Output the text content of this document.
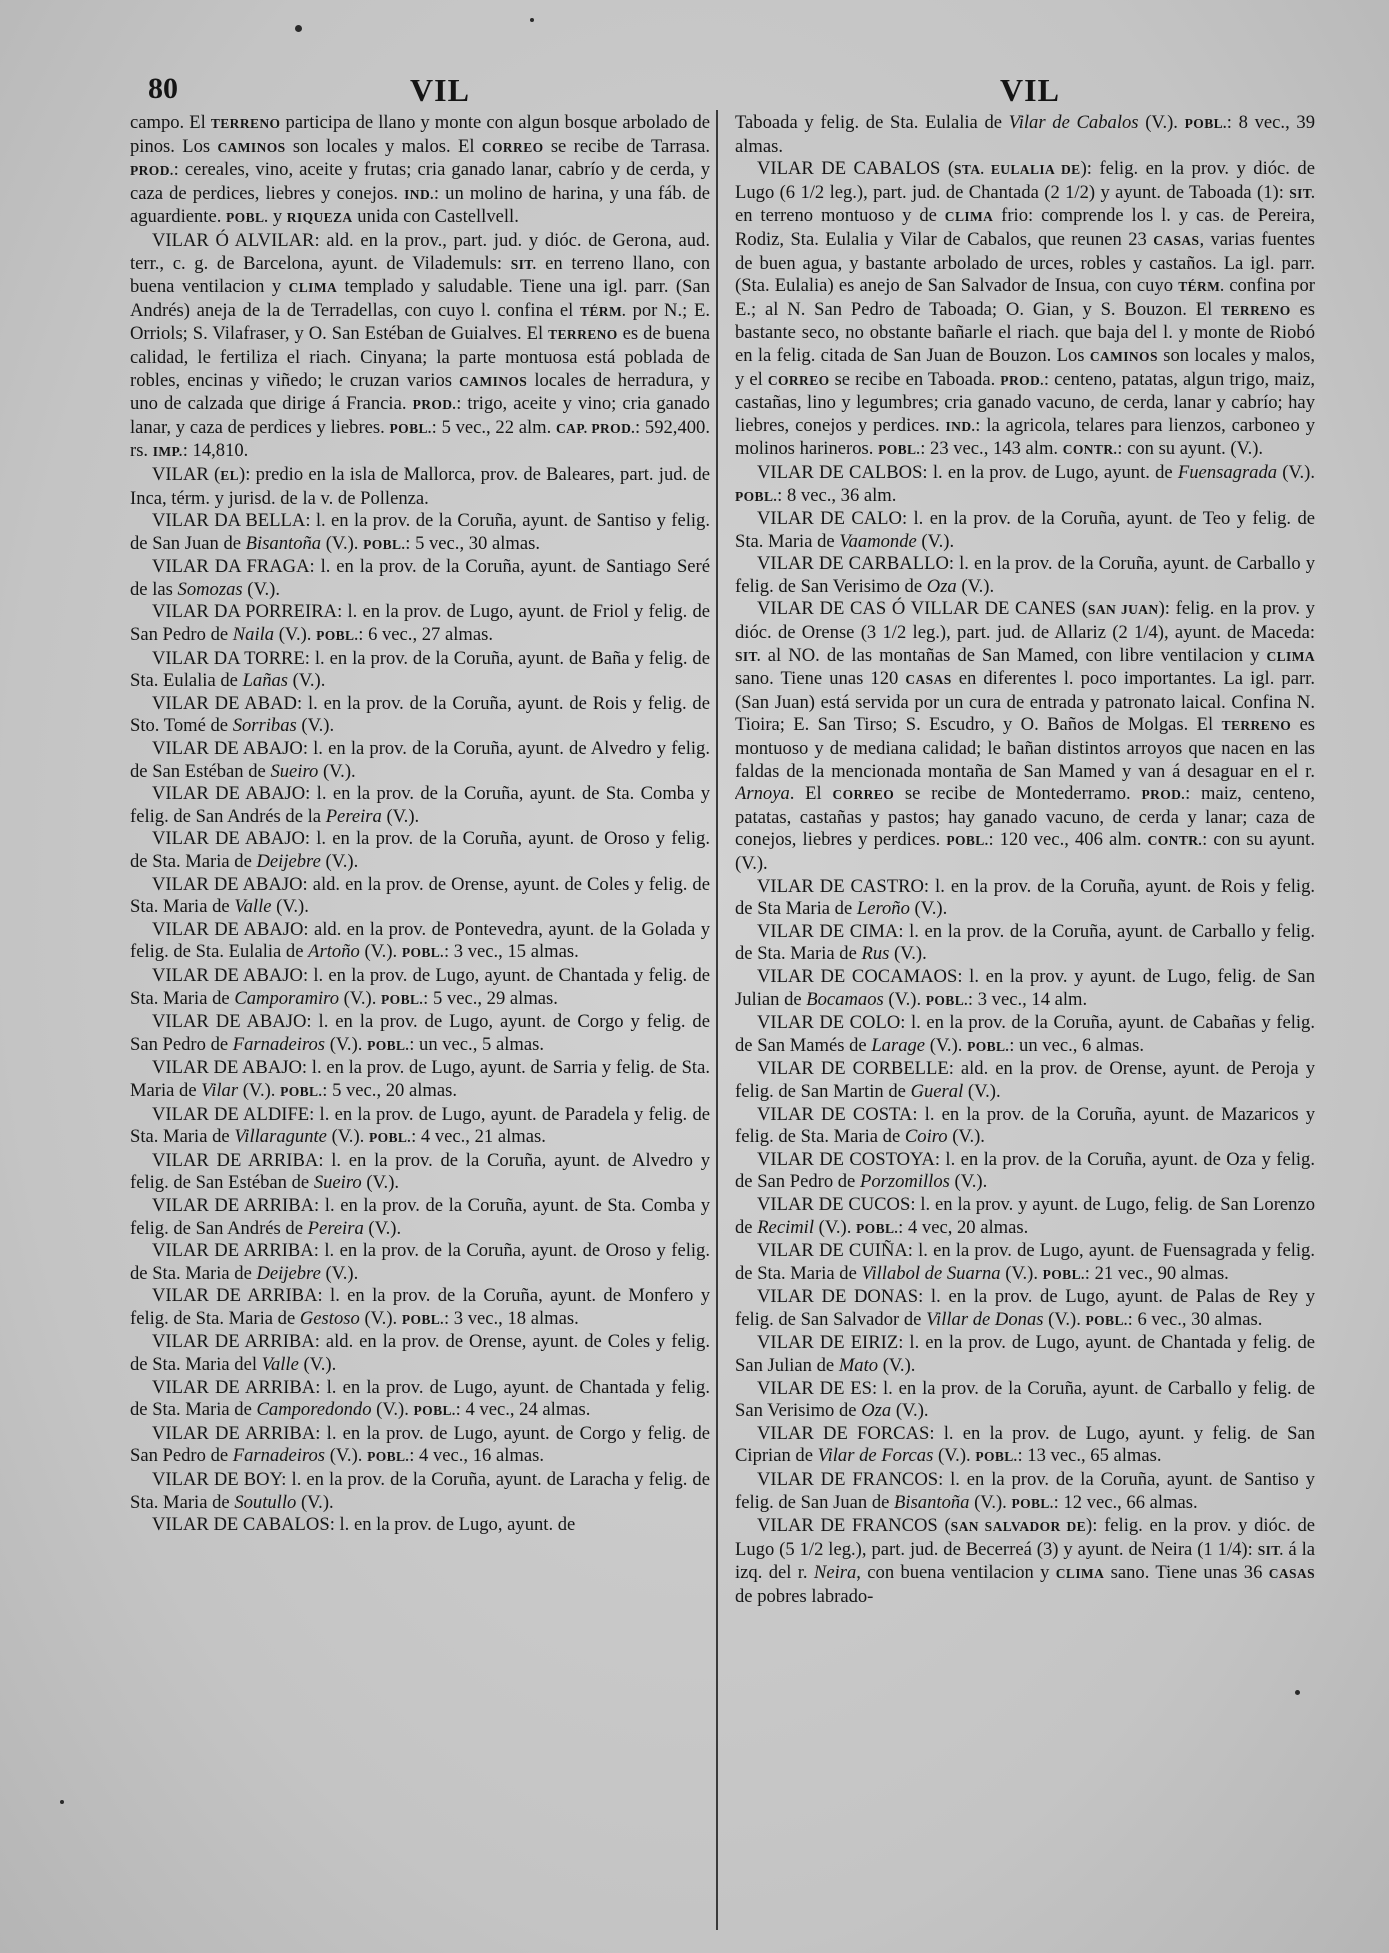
80	VIL	VIL

campo. El TERRENO participa de llano y monte con algun bosque arbolado de pinos. Los CAMINOS son locales y malos. El CORREO se recibe de Tarrasa. PROD.: cereales, vino, aceite y frutas; cria ganado lanar, cabrío y de cerda, y caza de perdices, liebres y conejos. IND.: un molino de harina, y una fáb. de aguardiente. POBL. y RIQUEZA unida con Castellvell.

VILAR Ó ALVILAR: ald. en la prov., part. jud. y dióc. de Gerona, aud. terr., c. g. de Barcelona, ayunt. de Vilademuls: SIT. en terreno llano, con buena ventilacion y CLIMA templado y saludable. Tiene una igl. parr. (San Andrés) aneja de la de Terradellas, con cuyo l. confina el TÉRM. por N.; E. Orriols; S. Vilafraser, y O. San Estéban de Guialves. El TERRENO es de buena calidad, le fertiliza el riach. Cinyana; la parte montuosa está poblada de robles, encinas y viñedo; le cruzan varios CAMINOS locales de herradura, y uno de calzada que dirige á Francia. PROD.: trigo, aceite y vino; cria ganado lanar, y caza de perdices y liebres. POBL.: 5 vec., 22 alm. CAP. PROD.: 592,400. rs. IMP.: 14,810.

VILAR (EL): predio en la isla de Mallorca, prov. de Baleares, part. jud. de Inca, térm. y jurisd. de la v. de Pollenza.

VILAR DA BELLA: l. en la prov. de la Coruña, ayunt. de Santiso y felig. de San Juan de Bisantoña (V.). POBL.: 5 vec., 30 almas.

VILAR DA FRAGA: l. en la prov. de la Coruña, ayunt. de Santiago Seré de las Somozas (V.).

VILAR DA PORREIRA: l. en la prov. de Lugo, ayunt. de Friol y felig. de San Pedro de Naila (V.). POBL.: 6 vec., 27 almas.

VILAR DA TORRE: l. en la prov. de la Coruña, ayunt. de Baña y felig. de Sta. Eulalia de Lañas (V.).

VILAR DE ABAD: l. en la prov. de la Coruña, ayunt. de Rois y felig. de Sto. Tomé de Sorribas (V.).

VILAR DE ABAJO: l. en la prov. de la Coruña, ayunt. de Alvedro y felig. de San Estéban de Sueiro (V.).

VILAR DE ABAJO: l. en la prov. de la Coruña, ayunt. de Sta. Comba y felig. de San Andrés de la Pereira (V.).

VILAR DE ABAJO: l. en la prov. de la Coruña, ayunt. de Oroso y felig. de Sta. Maria de Deijebre (V.).

VILAR DE ABAJO: ald. en la prov. de Orense, ayunt. de Coles y felig. de Sta. Maria de Valle (V.).

VILAR DE ABAJO: ald. en la prov. de Pontevedra, ayunt. de la Golada y felig. de Sta. Eulalia de Artoño (V.). POBL.: 3 vec., 15 almas.

VILAR DE ABAJO: l. en la prov. de Lugo, ayunt. de Chantada y felig. de Sta. Maria de Camporamiro (V.). POBL.: 5 vec., 29 almas.

VILAR DE ABAJO: l. en la prov. de Lugo, ayunt. de Corgo y felig. de San Pedro de Farnadeiros (V.). POBL.: un vec., 5 almas.

VILAR DE ABAJO: l. en la prov. de Lugo, ayunt. de Sarria y felig. de Sta. Maria de Vilar (V.). POBL.: 5 vec., 20 almas.

VILAR DE ALDIFE: l. en la prov. de Lugo, ayunt. de Paradela y felig. de Sta. Maria de Villaragunte (V.). POBL.: 4 vec., 21 almas.

VILAR DE ARRIBA: l. en la prov. de la Coruña, ayunt. de Alvedro y felig. de San Estéban de Sueiro (V.).

VILAR DE ARRIBA: l. en la prov. de la Coruña, ayunt. de Sta. Comba y felig. de San Andrés de Pereira (V.).

VILAR DE ARRIBA: l. en la prov. de la Coruña, ayunt. de Oroso y felig. de Sta. Maria de Deijebre (V.).

VILAR DE ARRIBA: l. en la prov. de la Coruña, ayunt. de Monfero y felig. de Sta. Maria de Gestoso (V.). POBL.: 3 vec., 18 almas.

VILAR DE ARRIBA: ald. en la prov. de Orense, ayunt. de Coles y felig. de Sta. Maria del Valle (V.).

VILAR DE ARRIBA: l. en la prov. de Lugo, ayunt. de Chantada y felig. de Sta. Maria de Camporedondo (V.). POBL.: 4 vec., 24 almas.

VILAR DE ARRIBA: l. en la prov. de Lugo, ayunt. de Corgo y felig. de San Pedro de Farnadeiros (V.). POBL.: 4 vec., 16 almas.

VILAR DE BOY: l. en la prov. de la Coruña, ayunt. de Laracha y felig. de Sta. Maria de Soutullo (V.).

VILAR DE CABALOS: l. en la prov. de Lugo, ayunt. de

Taboada y felig. de Sta. Eulalia de Vilar de Cabalos (V.). POBL.: 8 vec., 39 almas.

VILAR DE CABALOS (STA. EULALIA DE): felig. en la prov. y dióc. de Lugo (6 1/2 leg.), part. jud. de Chantada (2 1/2) y ayunt. de Taboada (1): SIT. en terreno montuoso y de CLIMA frio: comprende los l. y cas. de Pereira, Rodiz, Sta. Eulalia y Vilar de Cabalos, que reunen 23 CASAS, varias fuentes de buen agua, y bastante arbolado de urces, robles y castaños. La igl. parr. (Sta. Eulalia) es anejo de San Salvador de Insua, con cuyo TÉRM. confina por E.; al N. San Pedro de Taboada; O. Gian, y S. Bouzon. El TERRENO es bastante seco, no obstante bañarle el riach. que baja del l. y monte de Riobó en la felig. citada de San Juan de Bouzon. Los CAMINOS son locales y malos, y el CORREO se recibe en Taboada. PROD.: centeno, patatas, algun trigo, maiz, castañas, lino y legumbres; cria ganado vacuno, de cerda, lanar y cabrío; hay liebres, conejos y perdices. IND.: la agricola, telares para lienzos, carboneo y molinos harineros. POBL.: 23 vec., 143 alm. CONTR.: con su ayunt. (V.).

VILAR DE CALBOS: l. en la prov. de Lugo, ayunt. de Fuensagrada (V.). POBL.: 8 vec., 36 alm.

VILAR DE CALO: l. en la prov. de la Coruña, ayunt. de Teo y felig. de Sta. Maria de Vaamonde (V.).

VILAR DE CARBALLO: l. en la prov. de la Coruña, ayunt. de Carballo y felig. de San Verisimo de Oza (V.).

VILAR DE CAS Ó VILLAR DE CANES (SAN JUAN): felig. en la prov. y dióc. de Orense (3 1/2 leg.), part. jud. de Allariz (2 1/4), ayunt. de Maceda: SIT. al NO. de las montañas de San Mamed, con libre ventilacion y CLIMA sano. Tiene unas 120 CASAS en diferentes l. poco importantes. La igl. parr. (San Juan) está servida por un cura de entrada y patronato laical. Confina N. Tioira; E. San Tirso; S. Escudro, y O. Baños de Molgas. El TERRENO es montuoso y de mediana calidad; le bañan distintos arroyos que nacen en las faldas de la mencionada montaña de San Mamed y van á desaguar en el r. Arnoya. El CORREO se recibe de Montederramo. PROD.: maiz, centeno, patatas, castañas y pastos; hay ganado vacuno, de cerda y lanar; caza de conejos, liebres y perdices. POBL.: 120 vec., 406 alm. CONTR.: con su ayunt. (V.).

VILAR DE CASTRO: l. en la prov. de la Coruña, ayunt. de Rois y felig. de Sta Maria de Leroño (V.).

VILAR DE CIMA: l. en la prov. de la Coruña, ayunt. de Carballo y felig. de Sta. Maria de Rus (V.).

VILAR DE COCAMAOS: l. en la prov. y ayunt. de Lugo, felig. de San Julian de Bocamaos (V.). POBL.: 3 vec., 14 alm.

VILAR DE COLO: l. en la prov. de la Coruña, ayunt. de Cabañas y felig. de San Mamés de Larage (V.). POBL.: un vec., 6 almas.

VILAR DE CORBELLE: ald. en la prov. de Orense, ayunt. de Peroja y felig. de San Martin de Gueral (V.).

VILAR DE COSTA: l. en la prov. de la Coruña, ayunt. de Mazaricos y felig. de Sta. Maria de Coiro (V.).

VILAR DE COSTOYA: l. en la prov. de la Coruña, ayunt. de Oza y felig. de San Pedro de Porzomillos (V.).

VILAR DE CUCOS: l. en la prov. y ayunt. de Lugo, felig. de San Lorenzo de Recimil (V.). POBL.: 4 vec, 20 almas.

VILAR DE CUIÑA: l. en la prov. de Lugo, ayunt. de Fuensagrada y felig. de Sta. Maria de Villabol de Suarna (V.). POBL.: 21 vec., 90 almas.

VILAR DE DONAS: l. en la prov. de Lugo, ayunt. de Palas de Rey y felig. de San Salvador de Villar de Donas (V.). POBL.: 6 vec., 30 almas.

VILAR DE EIRIZ: l. en la prov. de Lugo, ayunt. de Chantada y felig. de San Julian de Mato (V.).

VILAR DE ES: l. en la prov. de la Coruña, ayunt. de Carballo y felig. de San Verisimo de Oza (V.).

VILAR DE FORCAS: l. en la prov. de Lugo, ayunt. y felig. de San Ciprian de Vilar de Forcas (V.). POBL.: 13 vec., 65 almas.

VILAR DE FRANCOS: l. en la prov. de la Coruña, ayunt. de Santiso y felig. de San Juan de Bisantoña (V.). POBL.: 12 vec., 66 almas.

VILAR DE FRANCOS (SAN SALVADOR DE): felig. en la prov. y dióc. de Lugo (5 1/2 leg.), part. jud. de Becerreá (3) y ayunt. de Neira (1 1/4): SIT. á la izq. del r. Neira, con buena ventilacion y CLIMA sano. Tiene unas 36 CASAS de pobres labrado-
